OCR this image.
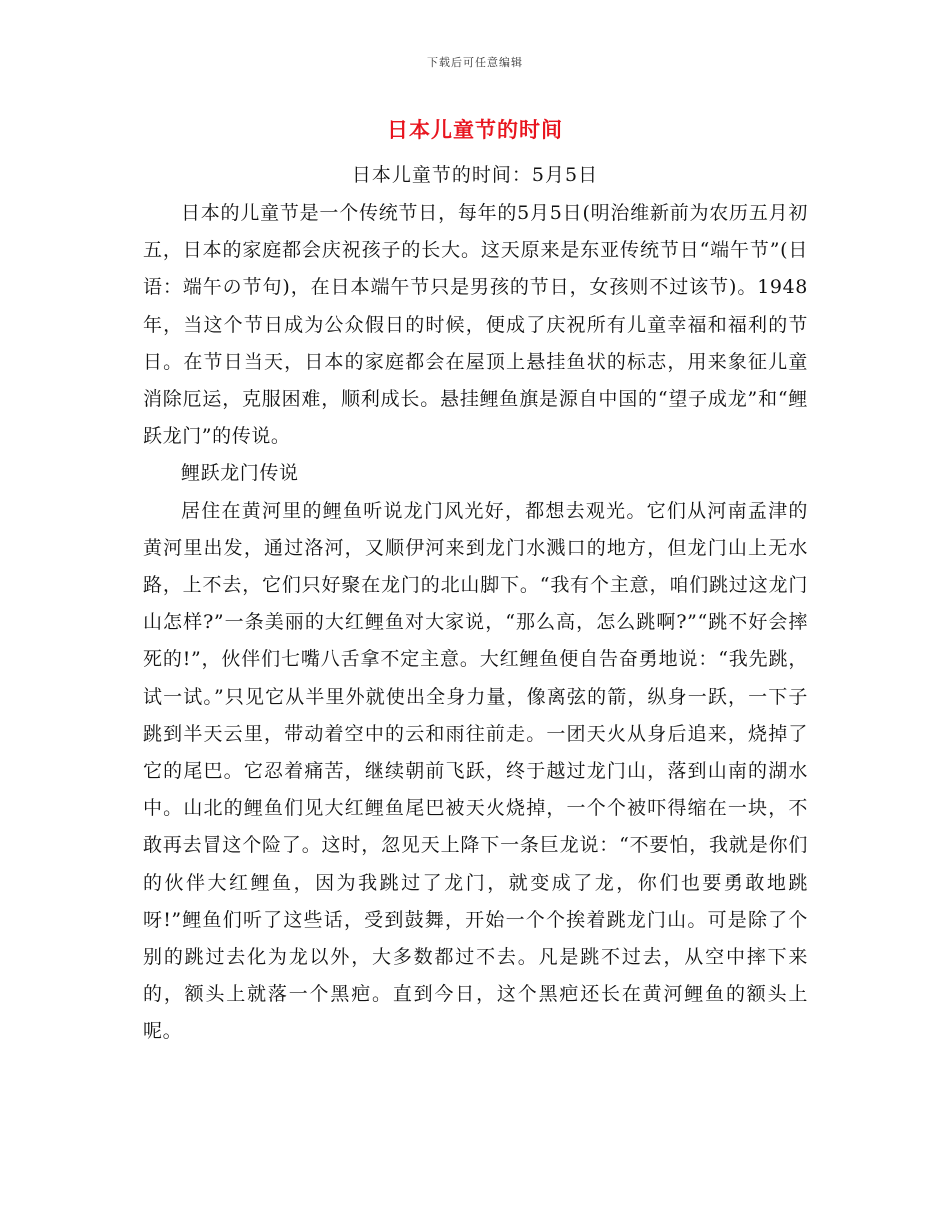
下载后可任意编辑
日本儿童节的时间
日本儿童节的时间：5月5日

日本的儿童节是一个传统节日，每年的5月5日(明治维新前为农历五月初五，日本的家庭都会庆祝孩子的长大。这天原来是东亚传统节日“端午节”(日语：端午の节句)，在日本端午节只是男孩的节日，女孩则不过该节)。1948年，当这个节日成为公众假日的时候，便成了庆祝所有儿童幸福和福利的节日。在节日当天，日本的家庭都会在屋顶上悬挂鱼状的标志，用来象征儿童消除厄运，克服困难，顺利成长。悬挂鲤鱼旗是源自中国的“望子成龙”和“鲤跃龙门”的传说。

鲤跃龙门传说

居住在黄河里的鲤鱼听说龙门风光好，都想去观光。它们从河南孟津的黄河里出发，通过洛河，又顺伊河来到龙门水溅口的地方，但龙门山上无水路，上不去，它们只好聚在龙门的北山脚下。“我有个主意，咱们跳过这龙门山怎样?”一条美丽的大红鲤鱼对大家说，“那么高，怎么跳啊?”“跳不好会摔死的!”，伙伴们七嘴八舌拿不定主意。大红鲤鱼便自告奋勇地说：“我先跳，试一试。”只见它从半里外就使出全身力量，像离弦的箭，纵身一跃，一下子跳到半天云里，带动着空中的云和雨往前走。一团天火从身后追来，烧掉了它的尾巴。它忍着痛苦，继续朝前飞跃，终于越过龙门山，落到山南的湖水中。山北的鲤鱼们见大红鲤鱼尾巴被天火烧掉，一个个被吓得缩在一块，不敢再去冒这个险了。这时，忽见天上降下一条巨龙说：“不要怕，我就是你们的伙伴大红鲤鱼，因为我跳过了龙门，就变成了龙，你们也要勇敢地跳呀!”鲤鱼们听了这些话，受到鼓舞，开始一个个挨着跳龙门山。可是除了个别的跳过去化为龙以外，大多数都过不去。凡是跳不过去，从空中摔下来的，额头上就落一个黑疤。直到今日，这个黑疤还长在黄河鲤鱼的额头上呢。
